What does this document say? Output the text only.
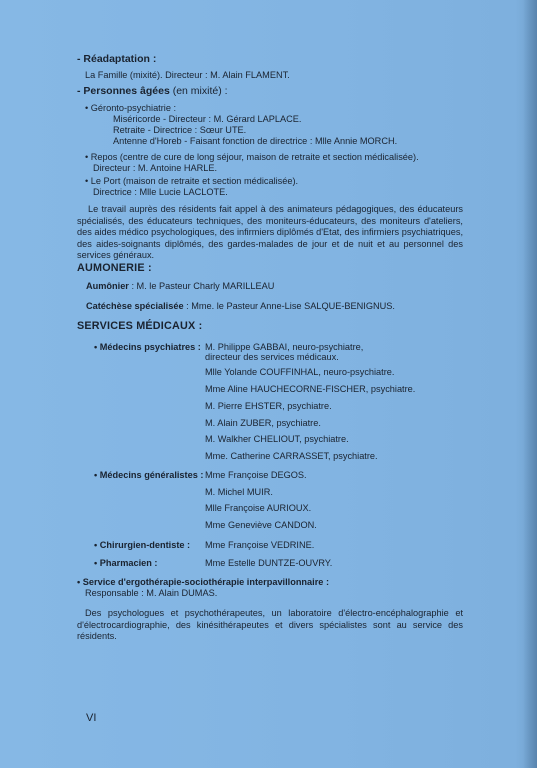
- Réadaptation :
La Famille (mixité). Directeur : M. Alain FLAMENT.
- Personnes âgées (en mixité) :
• Géronto-psychiatrie :
Miséricorde - Directeur : M. Gérard LAPLACE.
Retraite - Directrice : Sœur UTE.
Antenne d'Horeb - Faisant fonction de directrice : Mlle Annie MORCH.
• Repos (centre de cure de long séjour, maison de retraite et section médicalisée).
Directeur : M. Antoine HARLE.
• Le Port (maison de retraite et section médicalisée).
Directrice : Mlle Lucie LACLOTE.
Le travail auprès des résidents fait appel à des animateurs pédagogiques, des éducateurs spécialisés, des éducateurs techniques, des moniteurs-éducateurs, des moniteurs d'ateliers, des aides médico psychologiques, des infirmiers diplômés d'Etat, des infirmiers psychiatriques, des aides-soignants diplômés, des gardes-malades de jour et de nuit et au personnel des services généraux.
AUMONERIE :
Aumônier : M. le Pasteur Charly MARILLEAU
Catéchèse spécialisée : Mme. le Pasteur Anne-Lise SALQUE-BENIGNUS.
SERVICES MÉDICAUX :
• Médecins psychiatres : M. Philippe GABBAI, neuro-psychiatre,
directeur des services médicaux.
Mlle Yolande COUFFINHAL, neuro-psychiatre.
Mme Aline HAUCHECORNE-FISCHER, psychiatre.
M. Pierre EHSTER, psychiatre.
M. Alain ZUBER, psychiatre.
M. Walkher CHELIOUT, psychiatre.
Mme. Catherine CARRASSET, psychiatre.
• Médecins généralistes : Mme Françoise DEGOS.
M. Michel MUIR.
Mlle Françoise AURIOUX.
Mme Geneviève CANDON.
• Chirurgien-dentiste : Mme Françoise VEDRINE.
• Pharmacien :	Mme Estelle DUNTZE-OUVRY.
• Service d'ergothérapie-sociothérapie interpavillonnaire :
Responsable : M. Alain DUMAS.
Des psychologues et psychothérapeutes, un laboratoire d'électro-encéphalographie et d'électrocardiographie, des kinésithérapeutes et divers spécialistes sont au service des résidents.
VI
